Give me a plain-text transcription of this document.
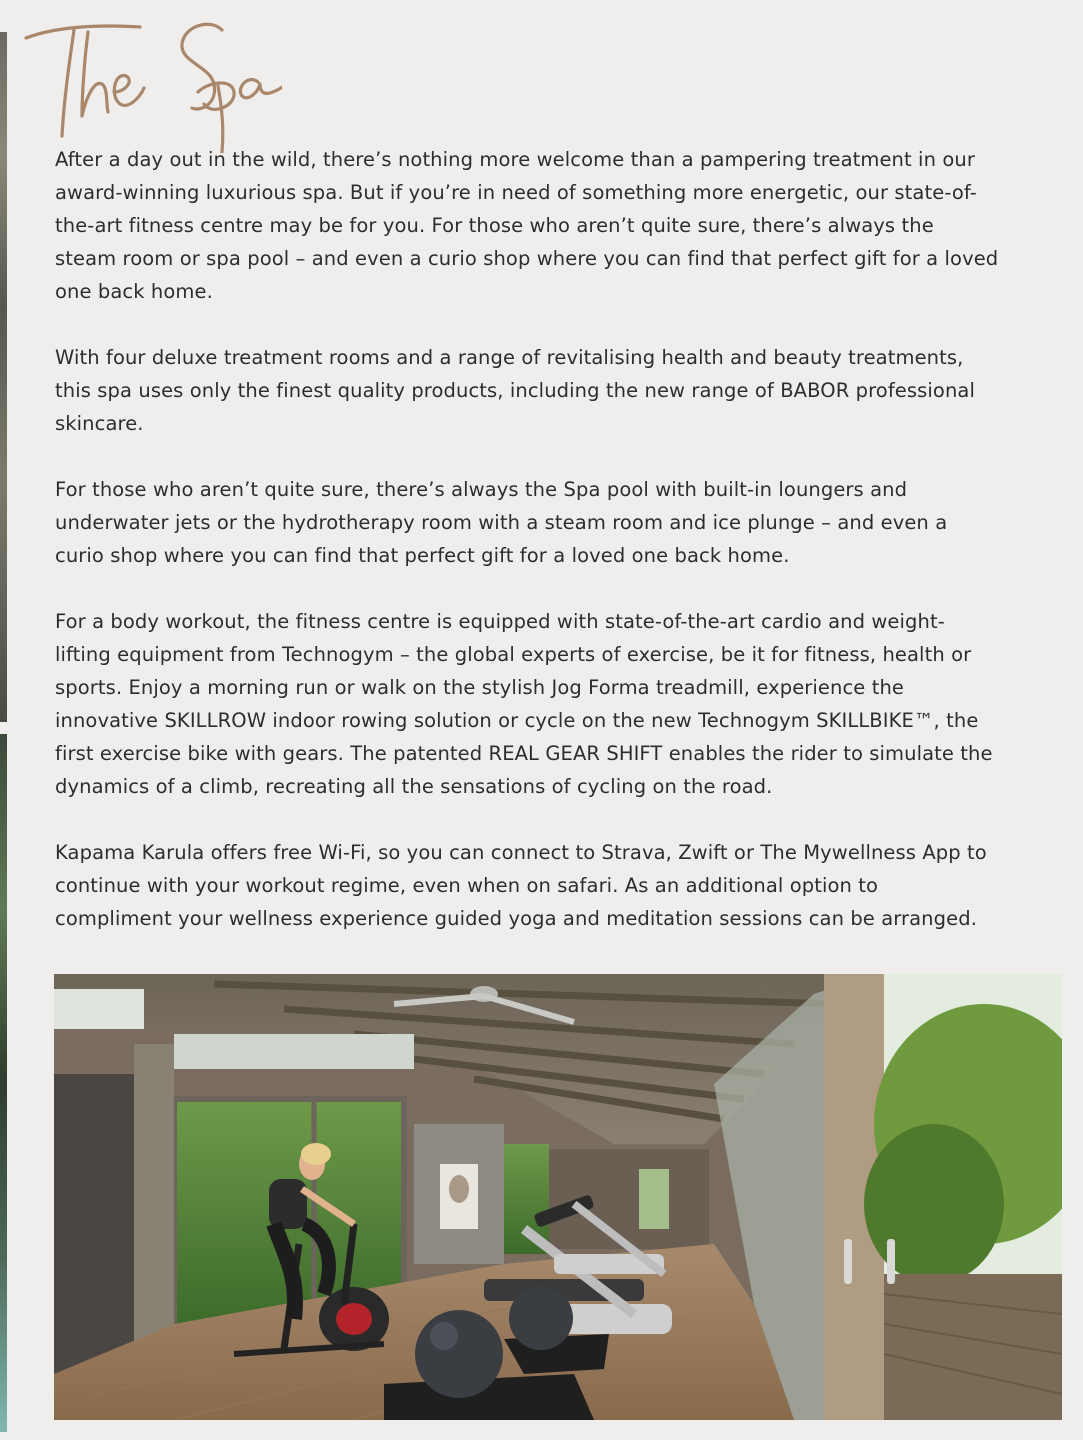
After a day out in the wild, there’s nothing more welcome than a pampering treatment in our award-winning luxurious spa. But if you’re in need of something more energetic, our state-of-the-art fitness centre may be for you. For those who aren’t quite sure, there’s always the steam room or spa pool – and even a curio shop where you can find that perfect gift for a loved one back home.

With four deluxe treatment rooms and a range of revitalising health and beauty treatments, this spa uses only the finest quality products, including the new range of BABOR professional skincare.

For those who aren’t quite sure, there’s always the Spa pool with built-in loungers and underwater jets or the hydrotherapy room with a steam room and ice plunge – and even a curio shop where you can find that perfect gift for a loved one back home.

For a body workout, the fitness centre is equipped with state-of-the-art cardio and weight-lifting equipment from Technogym – the global experts of exercise, be it for fitness, health or sports. Enjoy a morning run or walk on the stylish Jog Forma treadmill, experience the innovative SKILLROW indoor rowing solution or cycle on the new Technogym SKILLBIKE™, the first exercise bike with gears. The patented REAL GEAR SHIFT enables the rider to simulate the dynamics of a climb, recreating all the sensations of cycling on the road.

Kapama Karula offers free Wi-Fi, so you can connect to Strava, Zwift or The Mywellness App to continue with your workout regime, even when on safari. As an additional option to compliment your wellness experience guided yoga and meditation sessions can be arranged.
